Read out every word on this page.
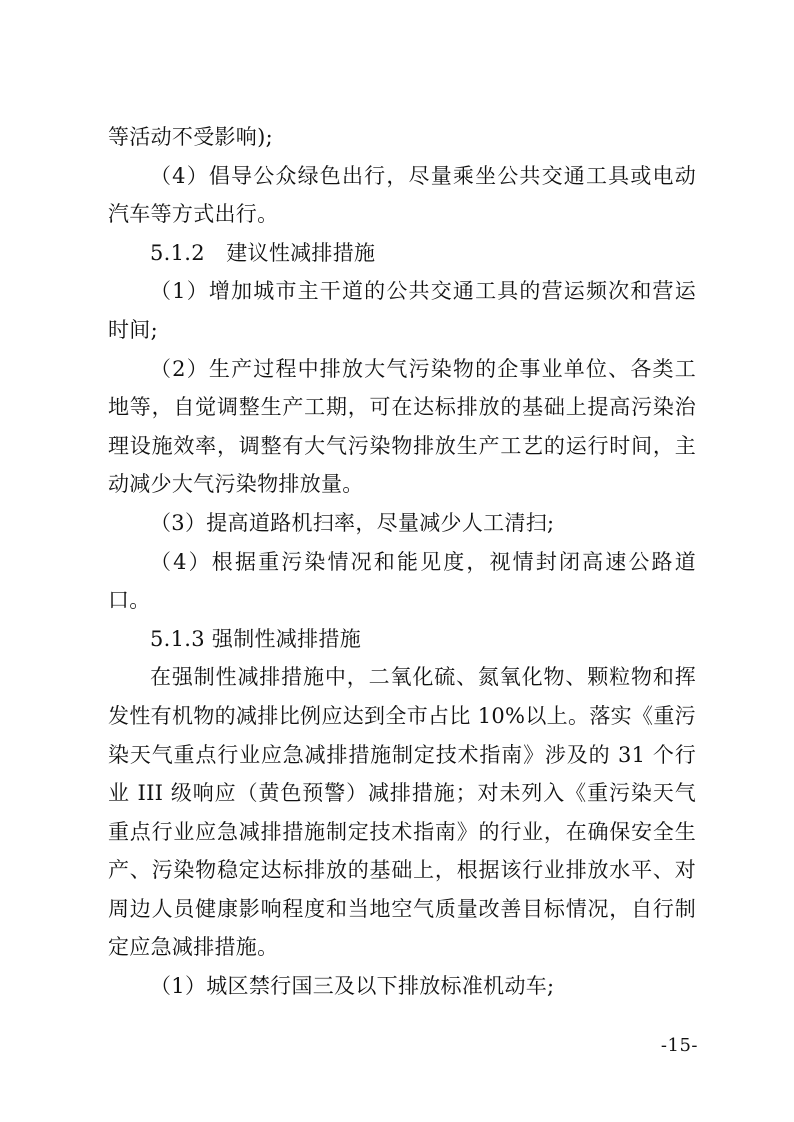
等活动不受影响);

（4）倡导公众绿色出行，尽量乘坐公共交通工具或电动汽车等方式出行。

5.1.2　建议性减排措施

（1）增加城市主干道的公共交通工具的营运频次和营运时间;

（2）生产过程中排放大气污染物的企事业单位、各类工地等，自觉调整生产工期，可在达标排放的基础上提高污染治理设施效率，调整有大气污染物排放生产工艺的运行时间，主动减少大气污染物排放量。

（3）提高道路机扫率，尽量减少人工清扫;

（4）根据重污染情况和能见度，视情封闭高速公路道口。

5.1.3 强制性减排措施

在强制性减排措施中，二氧化硫、氮氧化物、颗粒物和挥发性有机物的减排比例应达到全市占比 10%以上。落实《重污染天气重点行业应急减排措施制定技术指南》涉及的 31 个行业 III 级响应（黄色预警）减排措施；对未列入《重污染天气重点行业应急减排措施制定技术指南》的行业，在确保安全生产、污染物稳定达标排放的基础上，根据该行业排放水平、对周边人员健康影响程度和当地空气质量改善目标情况，自行制定应急减排措施。

（1）城区禁行国三及以下排放标准机动车;

-15-
